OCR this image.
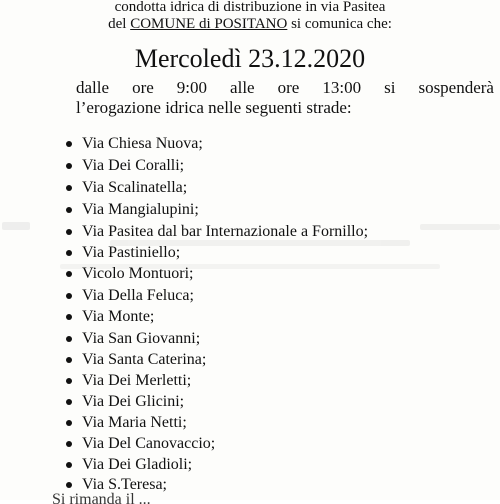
condotta idrica di distribuzione in via Pasitea
del COMUNE di POSITANO si comunica che:
Mercoledì 23.12.2020
dalle ore 9:00 alle ore 13:00 si sospenderà
l’erogazione idrica nelle seguenti strade:
Via Chiesa Nuova;
Via Dei Coralli;
Via Scalinatella;
Via Mangialupini;
Via Pasitea dal bar Internazionale a Fornillo;
Via Pastiniello;
Vicolo Montuori;
Via Della Feluca;
Via Monte;
Via San Giovanni;
Via Santa Caterina;
Via Dei Merletti;
Via Dei Glicini;
Via Maria Netti;
Via Del Canovaccio;
Via Dei Gladioli;
Via S.Teresa;
Si rimanda il ...
